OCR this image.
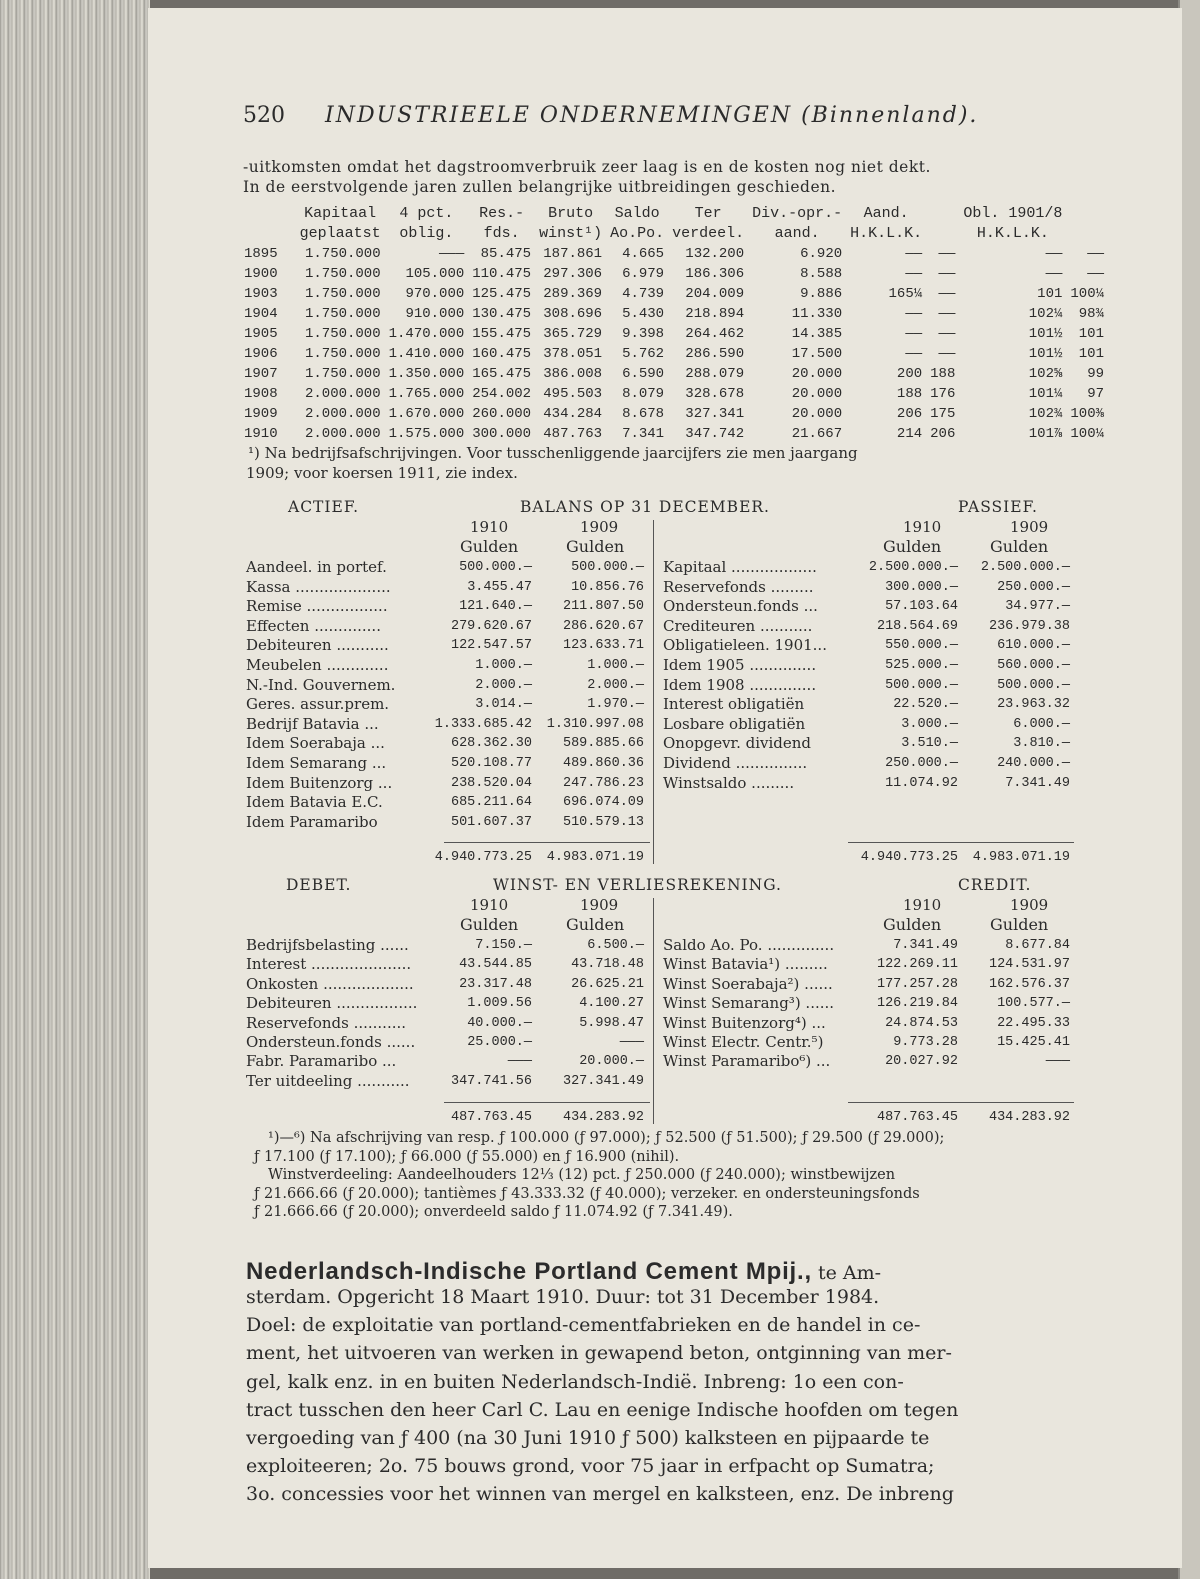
520 INDUSTRIEELE ONDERNEMINGEN (Binnenland).
-uitkomsten omdat het dagstroomverbruik zeer laag is en de kosten nog niet dekt.
In de eerstvolgende jaren zullen belangrijke uitbreidingen geschieden.
	Kapitaal	4 pct.	Res.-	Bruto	Saldo	Ter	Div.-opr.-	Aand.		Obl. 1901/8	
	geplaatst	oblig.	fds.	winst¹)	Ao.Po.	verdeel.	aand.	H.K.L.K.		H.K.L.K.	
1895	1.750.000	———	85.475	187.861	4.665	132.200	6.920	——	——	——	——
1900	1.750.000	105.000	110.475	297.306	6.979	186.306	8.588	——	——	——	——
1903	1.750.000	970.000	125.475	289.369	4.739	204.009	9.886	165¼	——	101	100¼
1904	1.750.000	910.000	130.475	308.696	5.430	218.894	11.330	——	——	102¼	98¾
1905	1.750.000	1.470.000	155.475	365.729	9.398	264.462	14.385	——	——	101½	101
1906	1.750.000	1.410.000	160.475	378.051	5.762	286.590	17.500	——	——	101½	101
1907	1.750.000	1.350.000	165.475	386.008	6.590	288.079	20.000	200	188	102⅝	99
1908	2.000.000	1.765.000	254.002	495.503	8.079	328.678	20.000	188	176	101¼	97
1909	2.000.000	1.670.000	260.000	434.284	8.678	327.341	20.000	206	175	102¾	100⅜
1910	2.000.000	1.575.000	300.000	487.763	7.341	347.742	21.667	214	206	101⅞	100¼
¹) Na bedrijfsafschrijvingen. Voor tusschenliggende jaarcijfers zie men jaargang
1909; voor koersen 1911, zie index.
ACTIEF.	BALANS OP 31 DECEMBER.	PASSIEF.
1910	1909
Gulden	Gulden
1910	1909
Gulden	Gulden
Aandeel. in portef.	500.000.—	500.000.—
Kassa ....................	3.455.47	10.856.76
Remise .................	121.640.—	211.807.50
Effecten ..............	279.620.67	286.620.67
Debiteuren ...........	122.547.57	123.633.71
Meubelen .............	1.000.—	1.000.—
N.-Ind. Gouvernem.	2.000.—	2.000.—
Geres. assur.prem.	3.014.—	1.970.—
Bedrijf Batavia ...	1.333.685.42	1.310.997.08
Idem Soerabaja ...	628.362.30	589.885.66
Idem Semarang ...	520.108.77	489.860.36
Idem Buitenzorg ...	238.520.04	247.786.23
Idem Batavia E.C.	685.211.64	696.074.09
Idem Paramaribo	501.607.37	510.579.13
Kapitaal ..................	2.500.000.—	2.500.000.—
Reservefonds .........	300.000.—	250.000.—
Ondersteun.fonds ...	57.103.64	34.977.—
Crediteuren ...........	218.564.69	236.979.38
Obligatieleen. 1901...	550.000.—	610.000.—
Idem 1905 ..............	525.000.—	560.000.—
Idem 1908 ..............	500.000.—	500.000.—
Interest obligatiën	22.520.—	23.963.32
Losbare obligatiën	3.000.—	6.000.—
Onopgevr. dividend	3.510.—	3.810.—
Dividend ...............	250.000.—	240.000.—
Winstsaldo .........	11.074.92	7.341.49
4.940.773.25	4.983.071.19	4.940.773.25	4.983.071.19
DEBET.	WINST- EN VERLIESREKENING.	CREDIT.
1910	1909
Gulden	Gulden
1910	1909
Gulden	Gulden
Bedrijfsbelasting ......	7.150.—	6.500.—
Interest .....................	43.544.85	43.718.48
Onkosten ...................	23.317.48	26.625.21
Debiteuren .................	1.009.56	4.100.27
Reservefonds ...........	40.000.—	5.998.47
Ondersteun.fonds ......	25.000.—	———
Fabr. Paramaribo ...	———	20.000.—
Ter uitdeeling ...........	347.741.56	327.341.49
Saldo Ao. Po. ..............	7.341.49	8.677.84
Winst Batavia¹) .........	122.269.11	124.531.97
Winst Soerabaja²) ......	177.257.28	162.576.37
Winst Semarang³) ......	126.219.84	100.577.—
Winst Buitenzorg⁴) ...	24.874.53	22.495.33
Winst Electr. Centr.⁵)	9.773.28	15.425.41
Winst Paramaribo⁶) ...	20.027.92	———
487.763.45	434.283.92	487.763.45	434.283.92
¹)—⁶) Na afschrijving van resp. ƒ 100.000 (ƒ 97.000); ƒ 52.500 (ƒ 51.500); ƒ 29.500 (ƒ 29.000);
ƒ 17.100 (ƒ 17.100); ƒ 66.000 (ƒ 55.000) en ƒ 16.900 (nihil).
Winstverdeeling: Aandeelhouders 12⅓ (12) pct. ƒ 250.000 (ƒ 240.000); winstbewijzen
ƒ 21.666.66 (ƒ 20.000); tantièmes ƒ 43.333.32 (ƒ 40.000); verzeker. en ondersteuningsfonds
ƒ 21.666.66 (ƒ 20.000); onverdeeld saldo ƒ 11.074.92 (ƒ 7.341.49).
Nederlandsch-Indische Portland Cement Mpij., te Am-
sterdam. Opgericht 18 Maart 1910. Duur: tot 31 December 1984.
Doel: de exploitatie van portland-cementfabrieken en de handel in ce-
ment, het uitvoeren van werken in gewapend beton, ontginning van mer-
gel, kalk enz. in en buiten Nederlandsch-Indië. Inbreng: 1o een con-
tract tusschen den heer Carl C. Lau en eenige Indische hoofden om tegen
vergoeding van ƒ 400 (na 30 Juni 1910 ƒ 500) kalksteen en pijpaarde te
exploiteeren; 2o. 75 bouws grond, voor 75 jaar in erfpacht op Sumatra;
3o. concessies voor het winnen van mergel en kalksteen, enz. De inbreng
